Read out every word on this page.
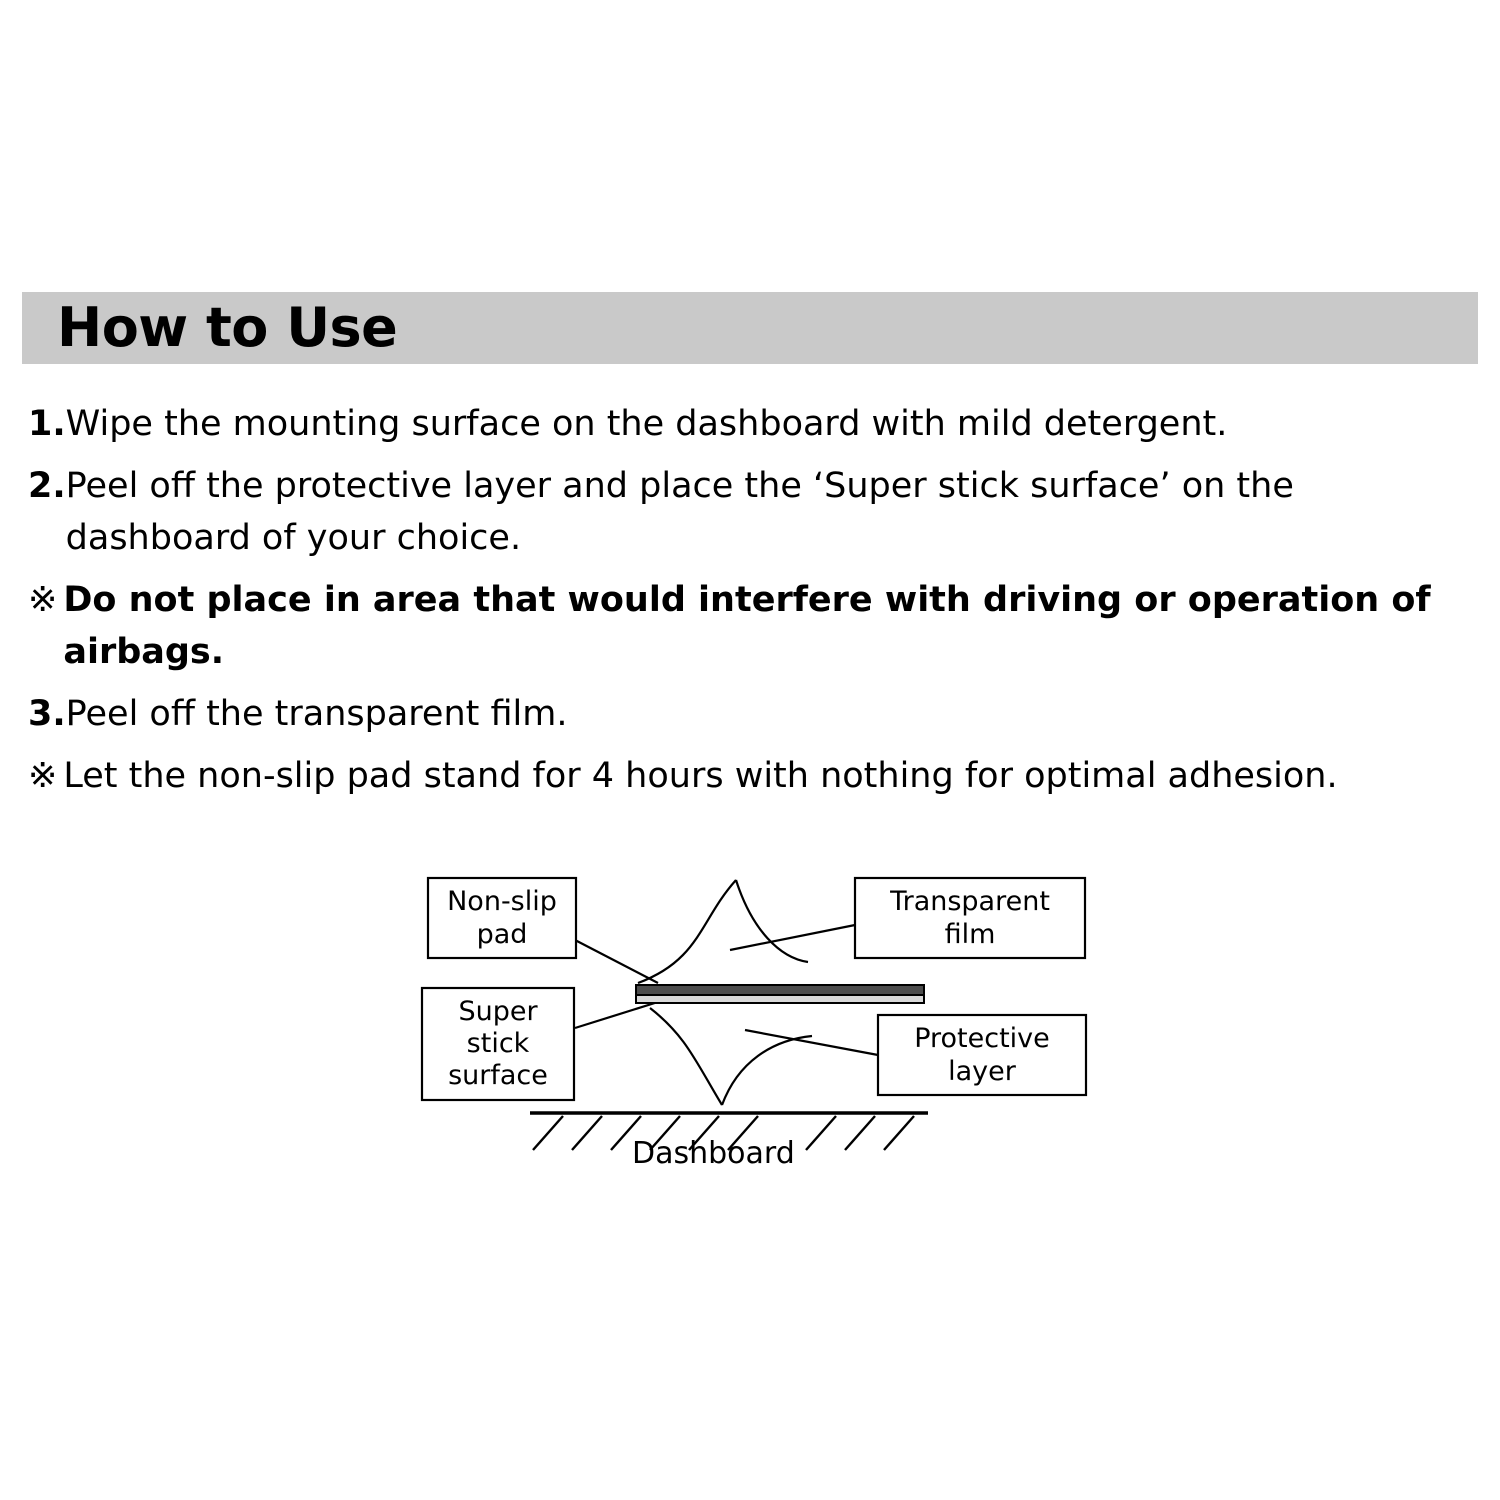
How to Use
1. Wipe the mounting surface on the dashboard with mild detergent.
2. Peel off the protective layer and place the ‘Super stick surface’ on the dashboard of your choice.
※ Do not place in area that would interfere with driving or operation of airbags.
3. Peel off the transparent film.
※ Let the non-slip pad stand for 4 hours with nothing for optimal adhesion.
Dashboard
Non-slip
pad
Super
stick
surface
Transparent
film
Protective
layer
